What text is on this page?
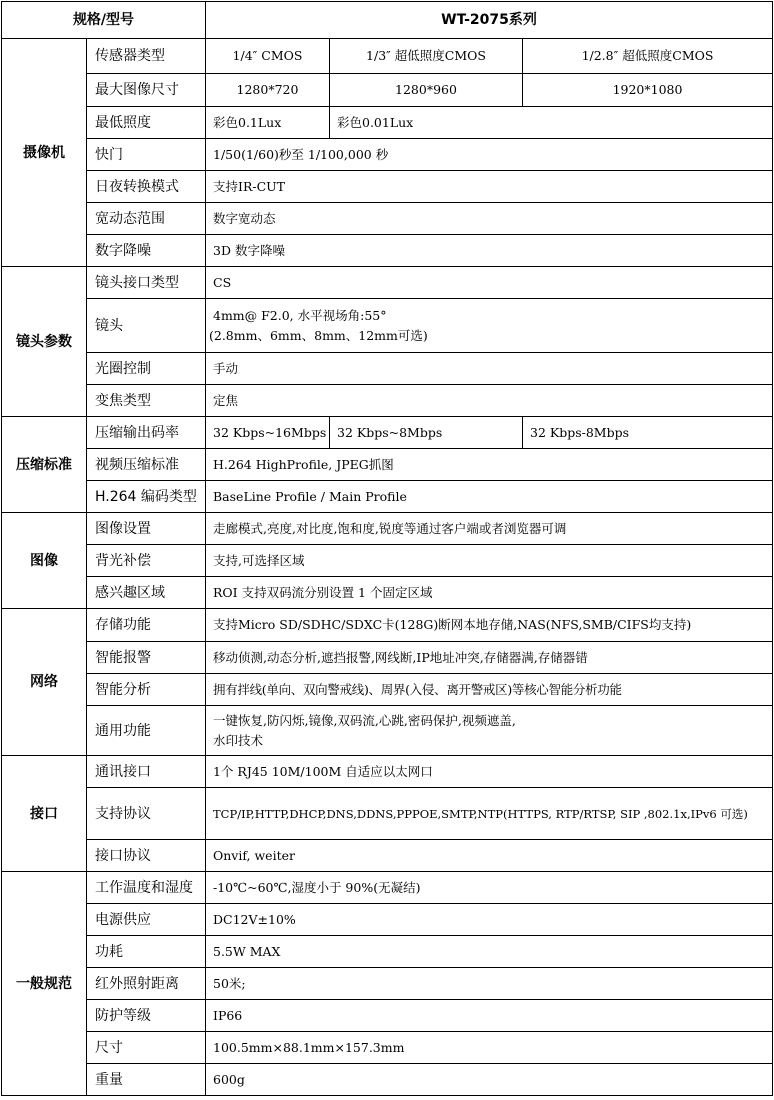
规格/型号		WT-2075系列		
摄像机	传感器类型	1/4″ CMOS	1/3″ 超低照度CMOS	1/2.8″ 超低照度CMOS
	最大图像尺寸	1280*720	1280*960	1920*1080
	最低照度	彩色0.1Lux	彩色0.01Lux	
	快门	1/50(1/60)秒至 1/100,000 秒		
	日夜转换模式	支持IR-CUT		
	宽动态范围	数字宽动态		
	数字降噪	3D 数字降噪		
镜头参数	镜头接口类型	CS		
	镜头	4mm@ F2.0, 水平视场角:55°
(2.8mm、6mm、8mm、12mm可选)		

	光圈控制	手动		
	变焦类型	定焦		
压缩标准	压缩输出码率	32 Kbps~16Mbps	32 Kbps~8Mbps	32 Kbps-8Mbps
	视频压缩标准	H.264 HighProfile, JPEG抓图		
	H.264 编码类型	BaseLine Profile / Main Profile		
图像	图像设置	走廊模式,亮度,对比度,饱和度,锐度等通过客户端或者浏览器可调		
	背光补偿	支持,可选择区域		
	感兴趣区域	ROI 支持双码流分别设置 1 个固定区域		
网络	存储功能	支持Micro SD/SDHC/SDXC卡(128G)断网本地存储,NAS(NFS,SMB/CIFS均支持)		
	智能报警	移动侦测,动态分析,遮挡报警,网线断,IP地址冲突,存储器满,存储器错		
	智能分析	拥有拌线(单向、双向警戒线)、周界(入侵、离开警戒区)等核心智能分析功能		
	通用功能	一键恢复,防闪烁,镜像,双码流,心跳,密码保护,视频遮盖,
水印技术		

接口	通讯接口	1个 RJ45 10M/100M 自适应以太网口		
	支持协议	TCP/IP,HTTP,DHCP,DNS,DDNS,PPPOE,SMTP,NTP(HTTPS, RTP/RTSP, SIP ,802.1x,IPv6 可选)		
	接口协议	Onvif, weiter		
一般规范	工作温度和湿度	-10℃~60℃,湿度小于 90%(无凝结)		
	电源供应	DC12V±10%		
	功耗	5.5W MAX		
	红外照射距离	50米;		
	防护等级	IP66		
	尺寸	100.5mm×88.1mm×157.3mm		
	重量	600g		
